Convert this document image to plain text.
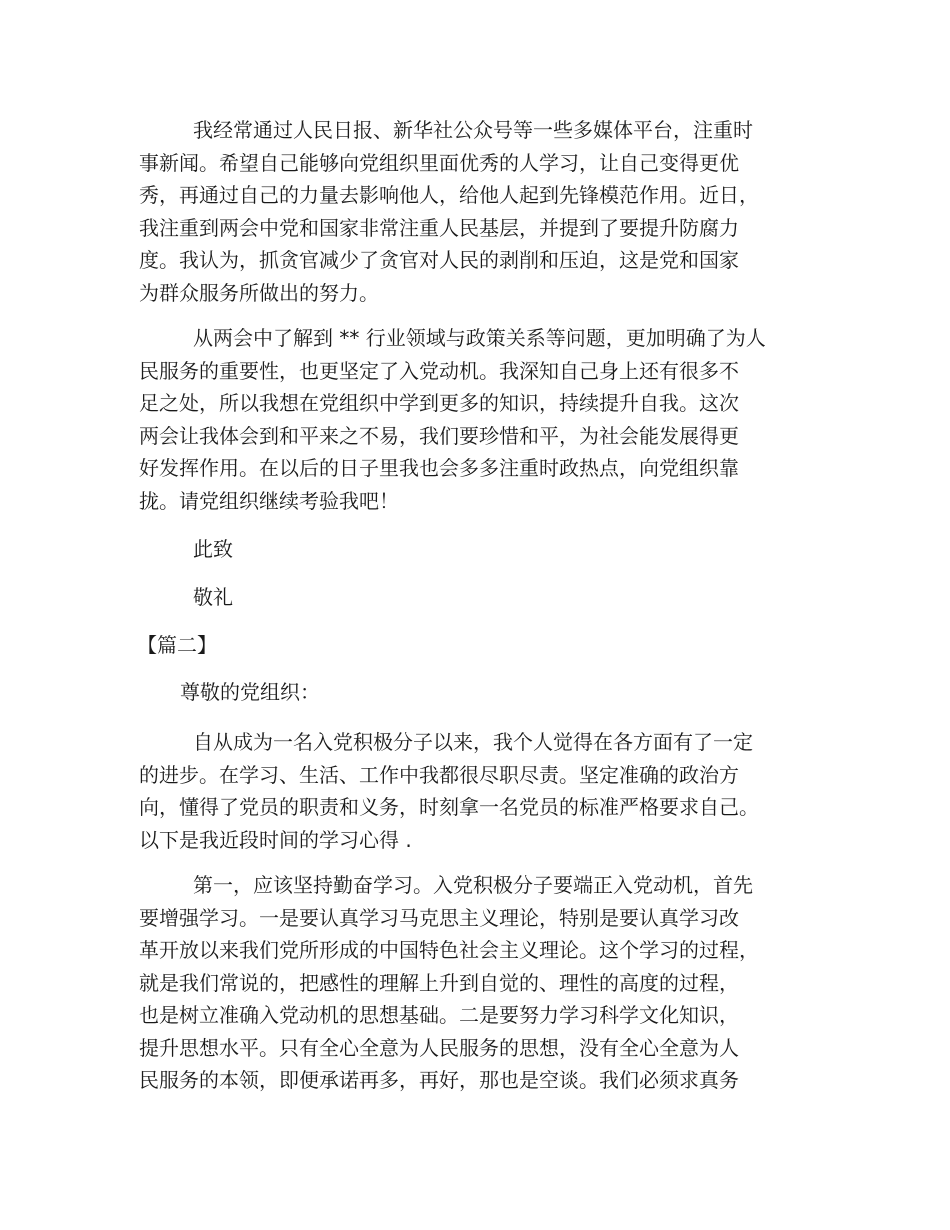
我经常通过人民日报、新华社公众号等一些多媒体平台，注重时
事新闻。希望自己能够向党组织里面优秀的人学习，让自己变得更优
秀，再通过自己的力量去影响他人，给他人起到先锋模范作用。近日，
我注重到两会中党和国家非常注重人民基层，并提到了要提升防腐力
度。我认为，抓贪官减少了贪官对人民的剥削和压迫，这是党和国家
为群众服务所做出的努力。
从两会中了解到 ** 行业领域与政策关系等问题，更加明确了为人
民服务的重要性，也更坚定了入党动机。我深知自己身上还有很多不
足之处，所以我想在党组织中学到更多的知识，持续提升自我。这次
两会让我体会到和平来之不易，我们要珍惜和平，为社会能发展得更
好发挥作用。在以后的日子里我也会多多注重时政热点，向党组织靠
拢。请党组织继续考验我吧！
此致
敬礼
【篇二】
尊敬的党组织：
自从成为一名入党积极分子以来，我个人觉得在各方面有了一定
的进步。在学习、生活、工作中我都很尽职尽责。坚定准确的政治方
向，懂得了党员的职责和义务，时刻拿一名党员的标准严格要求自己。
以下是我近段时间的学习心得 .
第一，应该坚持勤奋学习。入党积极分子要端正入党动机，首先
要增强学习。一是要认真学习马克思主义理论，特别是要认真学习改
革开放以来我们党所形成的中国特色社会主义理论。这个学习的过程，
就是我们常说的，把感性的理解上升到自觉的、理性的高度的过程，
也是树立准确入党动机的思想基础。二是要努力学习科学文化知识，
提升思想水平。只有全心全意为人民服务的思想，没有全心全意为人
民服务的本领，即便承诺再多，再好，那也是空谈。我们必须求真务
